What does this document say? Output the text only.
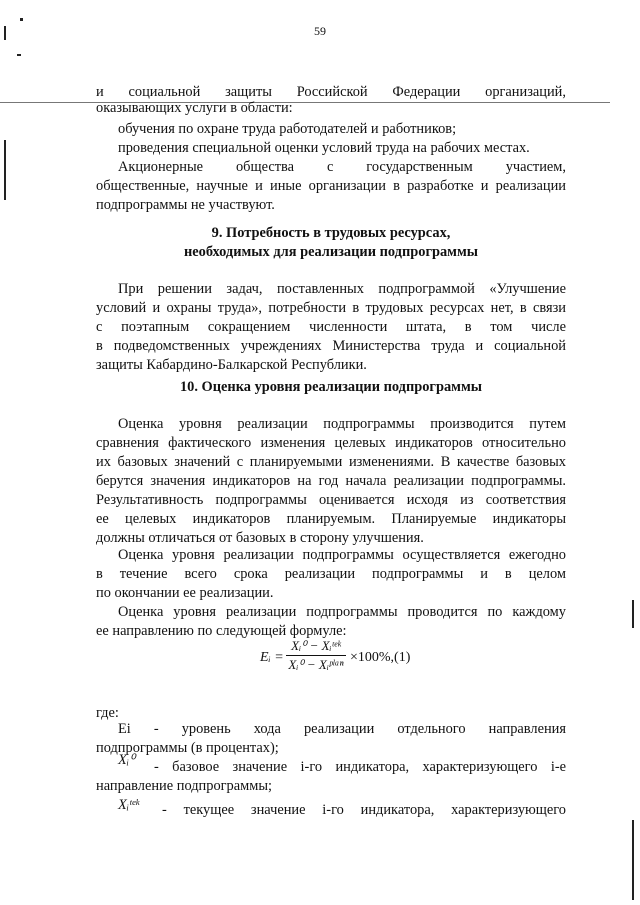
59
и социальной защиты Российской Федерации организаций,
оказывающих услуги в области:
обучения по охране труда работодателей и работников;
проведения специальной оценки условий труда на рабочих местах.
Акционерные общества с государственным участием,
общественные, научные и иные организации в разработке и реализации
подпрограммы не участвуют.
9. Потребность в трудовых ресурсах,
необходимых для реализации подпрограммы
При решении задач, поставленных подпрограммой «Улучшение
условий и охраны труда», потребности в трудовых ресурсах нет, в связи
с поэтапным сокращением численности штата, в том числе
в подведомственных учреждениях Министерства труда и социальной
защиты Кабардино-Балкарской Республики.
10. Оценка уровня реализации подпрограммы
Оценка уровня реализации подпрограммы производится путем
сравнения фактического изменения целевых индикаторов относительно
их базовых значений с планируемыми изменениями. В качестве базовых
берутся значения индикаторов на год начала реализации подпрограммы.
Результативность подпрограммы оценивается исходя из соответствия
ее целевых индикаторов планируемым. Планируемые индикаторы
должны отличаться от базовых в сторону улучшения.
Оценка уровня реализации подпрограммы осуществляется ежегодно
в течение всего срока реализации подпрограммы и в целом
по окончании ее реализации.
Оценка уровня реализации подпрограммы проводится по каждому
ее направлению по следующей формуле:
Eᵢ =
Xᵢ⁰ − Xᵢᵗᵉᵏ
Xᵢ⁰ − Xᵢᵖˡᵃⁿ ×100%,(1)
где:
Ei - уровень хода реализации отдельного направления
подпрограммы (в процентах);
Xᵢ⁰ - базовое значение i-го индикатора, характеризующего i-е
направление подпрограммы;
Xᵢᵗᵉᵏ - текущее значение i-го индикатора, характеризующего
